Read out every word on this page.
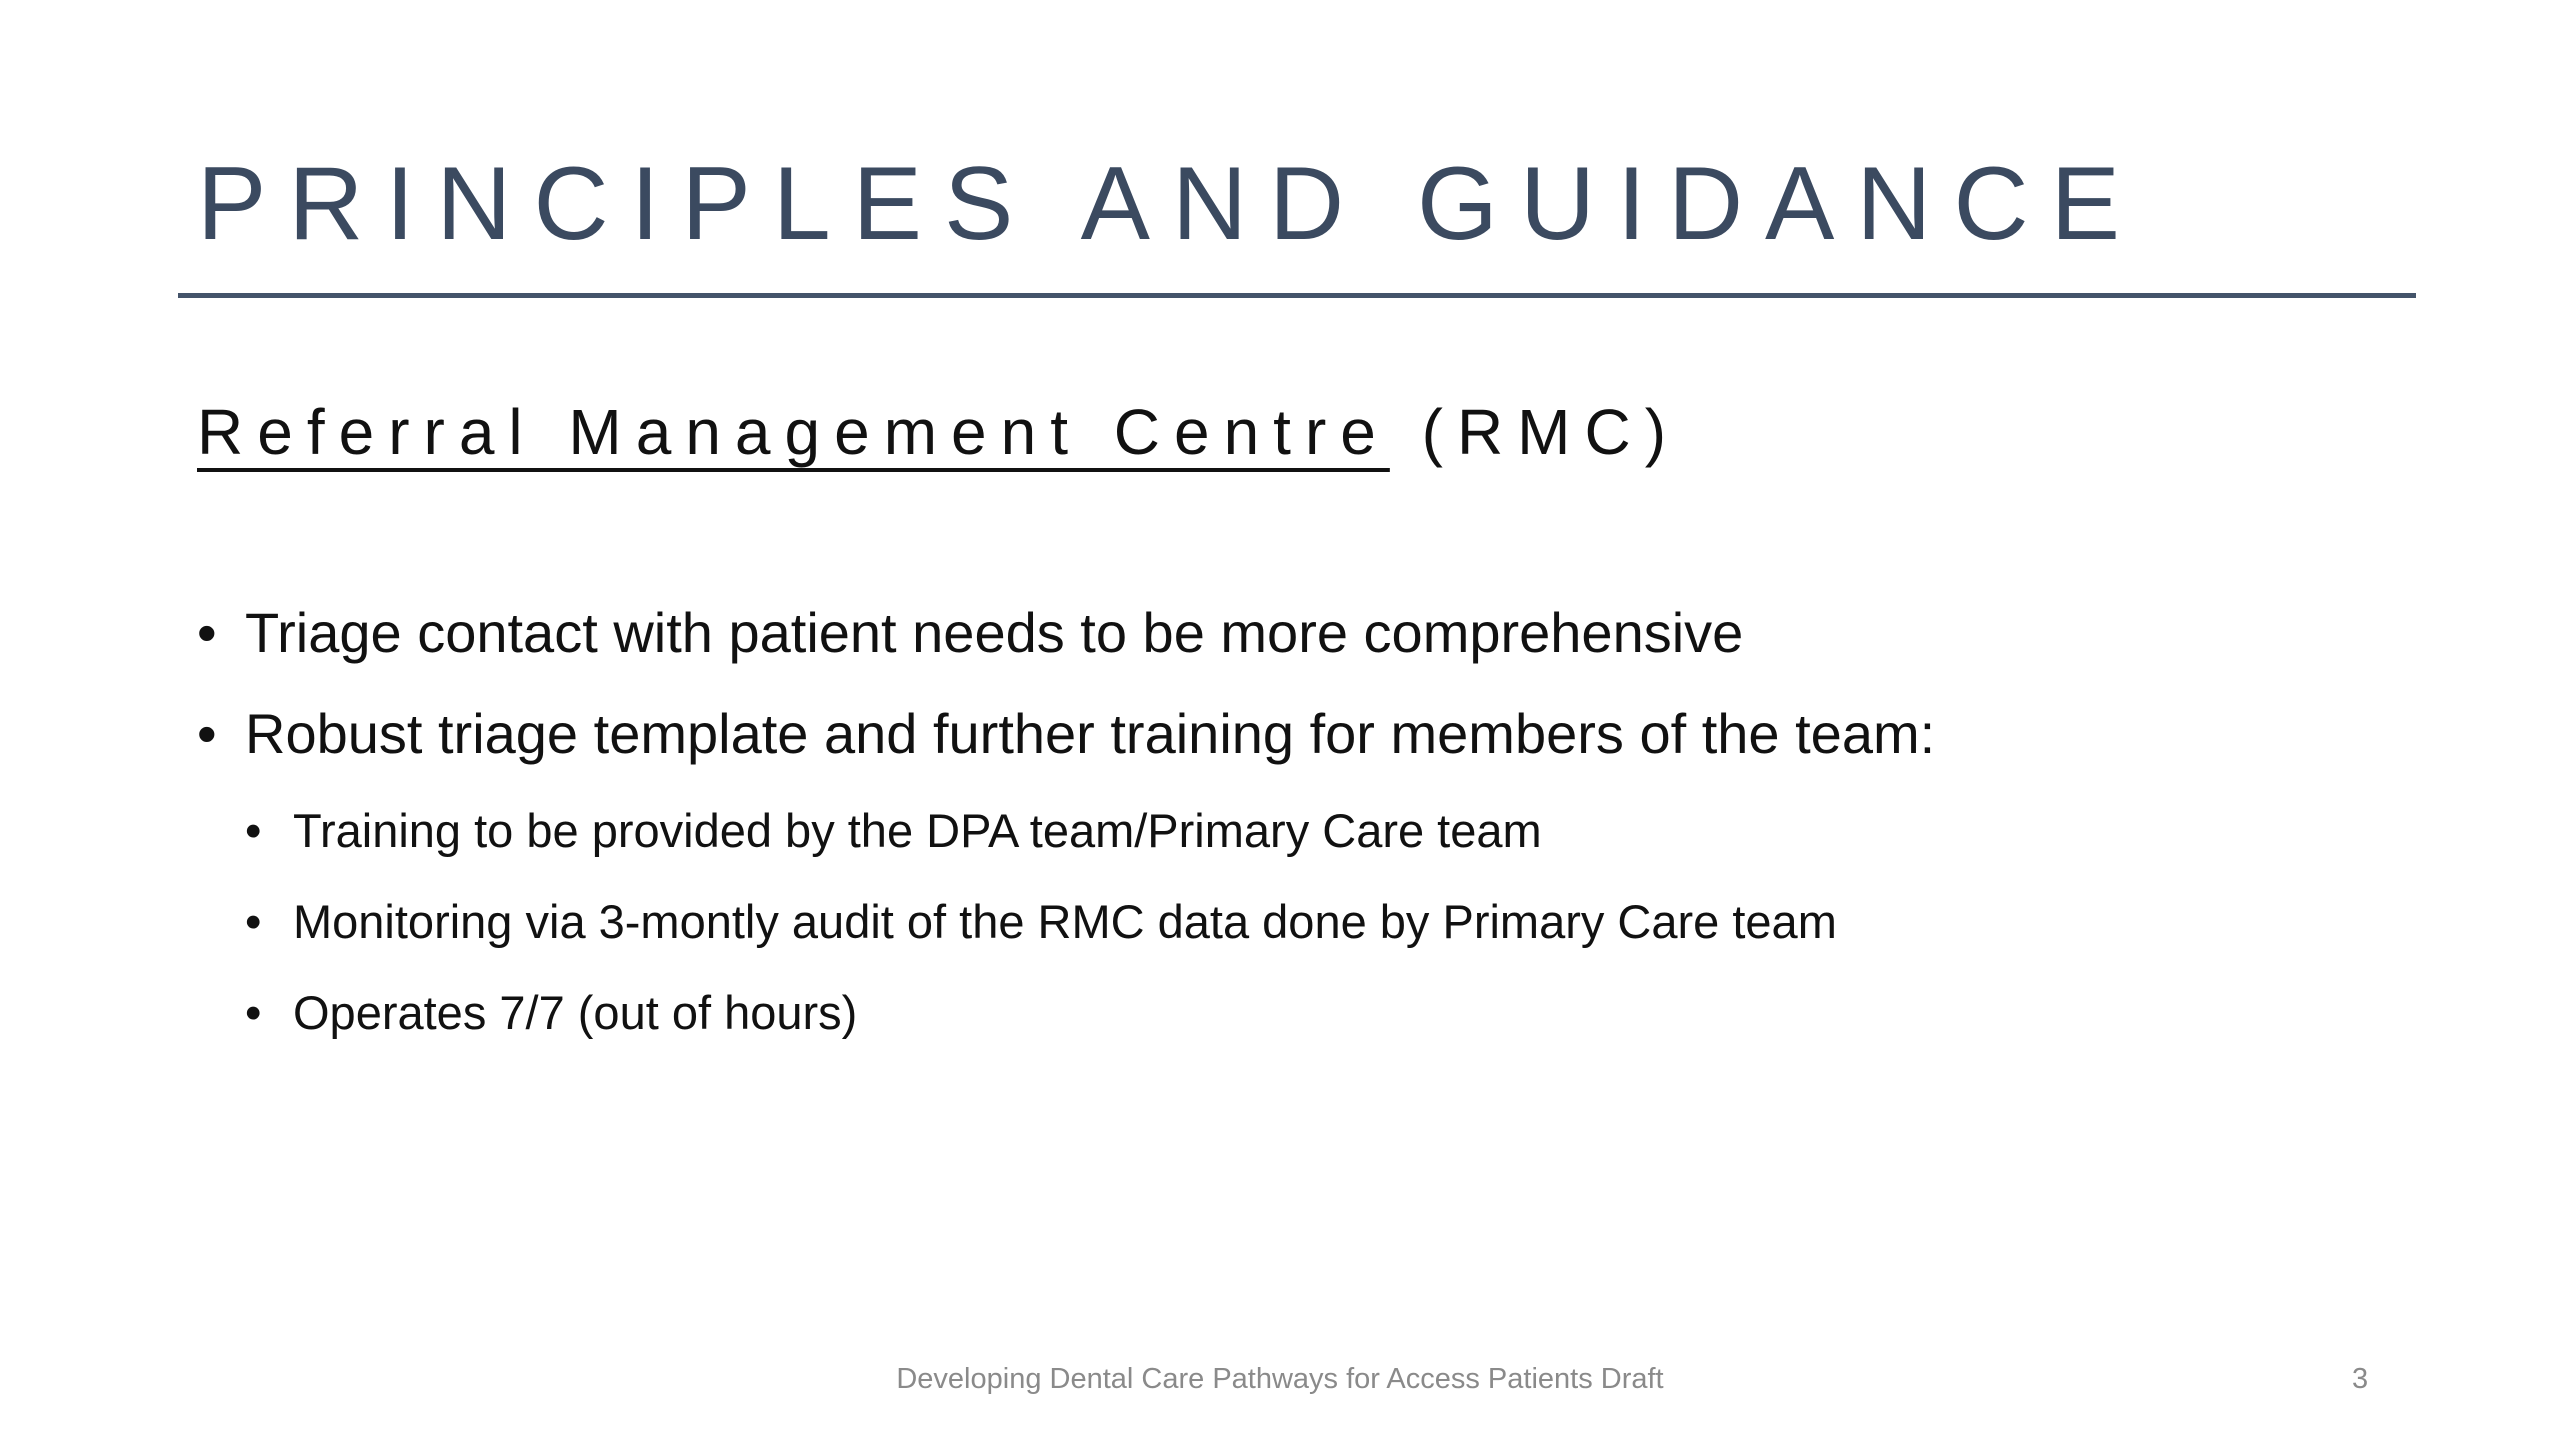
PRINCIPLES AND GUIDANCE
Referral Management Centre (RMC)
• Triage contact with patient needs to be more comprehensive
• Robust triage template and further training for members of the team:
• Training to be provided by the DPA team/Primary Care team
• Monitoring via 3-montly audit of the RMC data done by Primary Care team
• Operates 7/7 (out of hours)
Developing Dental Care Pathways for Access Patients Draft	3
